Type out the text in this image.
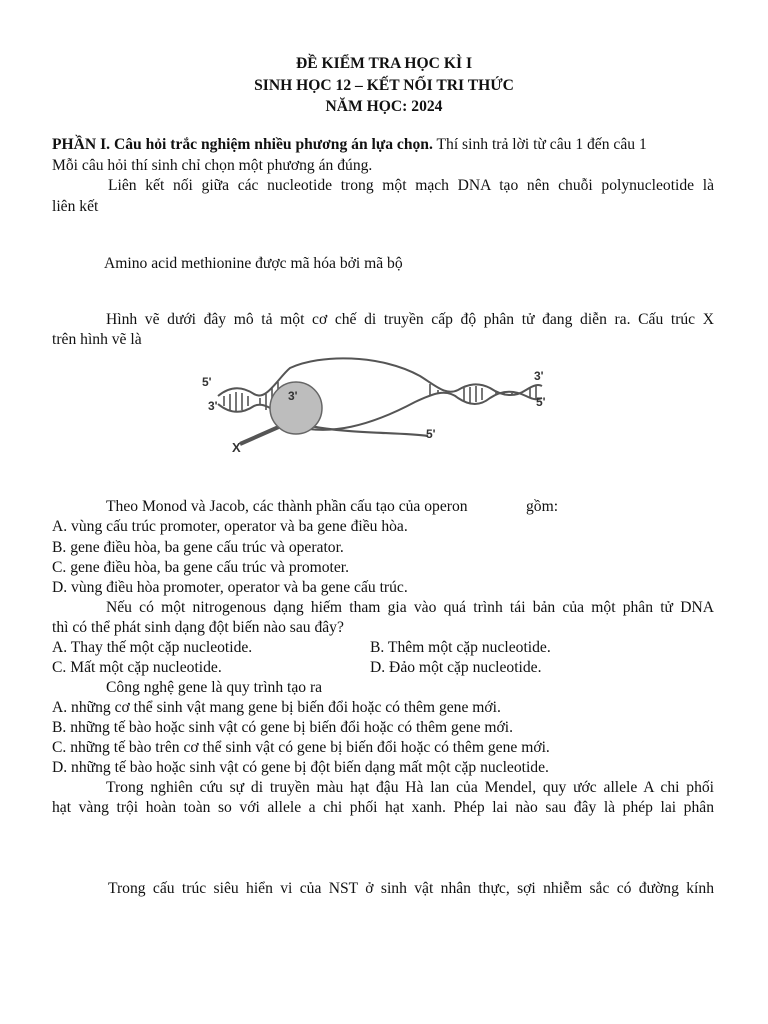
ĐỀ KIỂM TRA HỌC KÌ I
SINH HỌC 12 – KẾT NỐI TRI THỨC
NĂM HỌC: 2024
PHẦN I. Câu hỏi trắc nghiệm nhiều phương án lựa chọn. Thí sinh trả lời từ câu 1 đến câu 1
Mỗi câu hỏi thí sinh chỉ chọn một phương án đúng.
Liên kết nối giữa các nucleotide trong một mạch DNA tạo nên chuỗi polynucleotide là
liên kết
Amino acid methionine được mã hóa bởi mã bộ
Hình vẽ dưới đây mô tả một cơ chế di truyền cấp độ phân tử đang diễn ra. Cấu trúc X
trên hình vẽ là
5'
3'
3'
3'
5'
5'
X
Theo Monod và Jacob, các thành phần cấu tạo của operon	gồm:
A. vùng cấu trúc promoter, operator và ba gene điều hòa.
B. gene điều hòa, ba gene cấu trúc và operator.
C. gene điều hòa, ba gene cấu trúc và promoter.
D. vùng điều hòa promoter, operator và ba gene cấu trúc.
Nếu có một nitrogenous dạng hiếm tham gia vào quá trình tái bản của một phân tử DNA
thì có thể phát sinh dạng đột biến nào sau đây?
A. Thay thế một cặp nucleotide.	B. Thêm một cặp nucleotide.
C. Mất một cặp nucleotide.	D. Đảo một cặp nucleotide.
Công nghệ gene là quy trình tạo ra
A. những cơ thể sinh vật mang gene bị biến đổi hoặc có thêm gene mới.
B. những tế bào hoặc sinh vật có gene bị biến đổi hoặc có thêm gene mới.
C. những tế bào trên cơ thể sinh vật có gene bị biến đổi hoặc có thêm gene mới.
D. những tế bào hoặc sinh vật có gene bị đột biến dạng mất một cặp nucleotide.
Trong nghiên cứu sự di truyền màu hạt đậu Hà lan của Mendel, quy ước allele A chi phối
hạt vàng trội hoàn toàn so với allele a chi phối hạt xanh. Phép lai nào sau đây là phép lai phân
Trong cấu trúc siêu hiển vi của NST ở sinh vật nhân thực, sợi nhiễm sắc có đường kính
